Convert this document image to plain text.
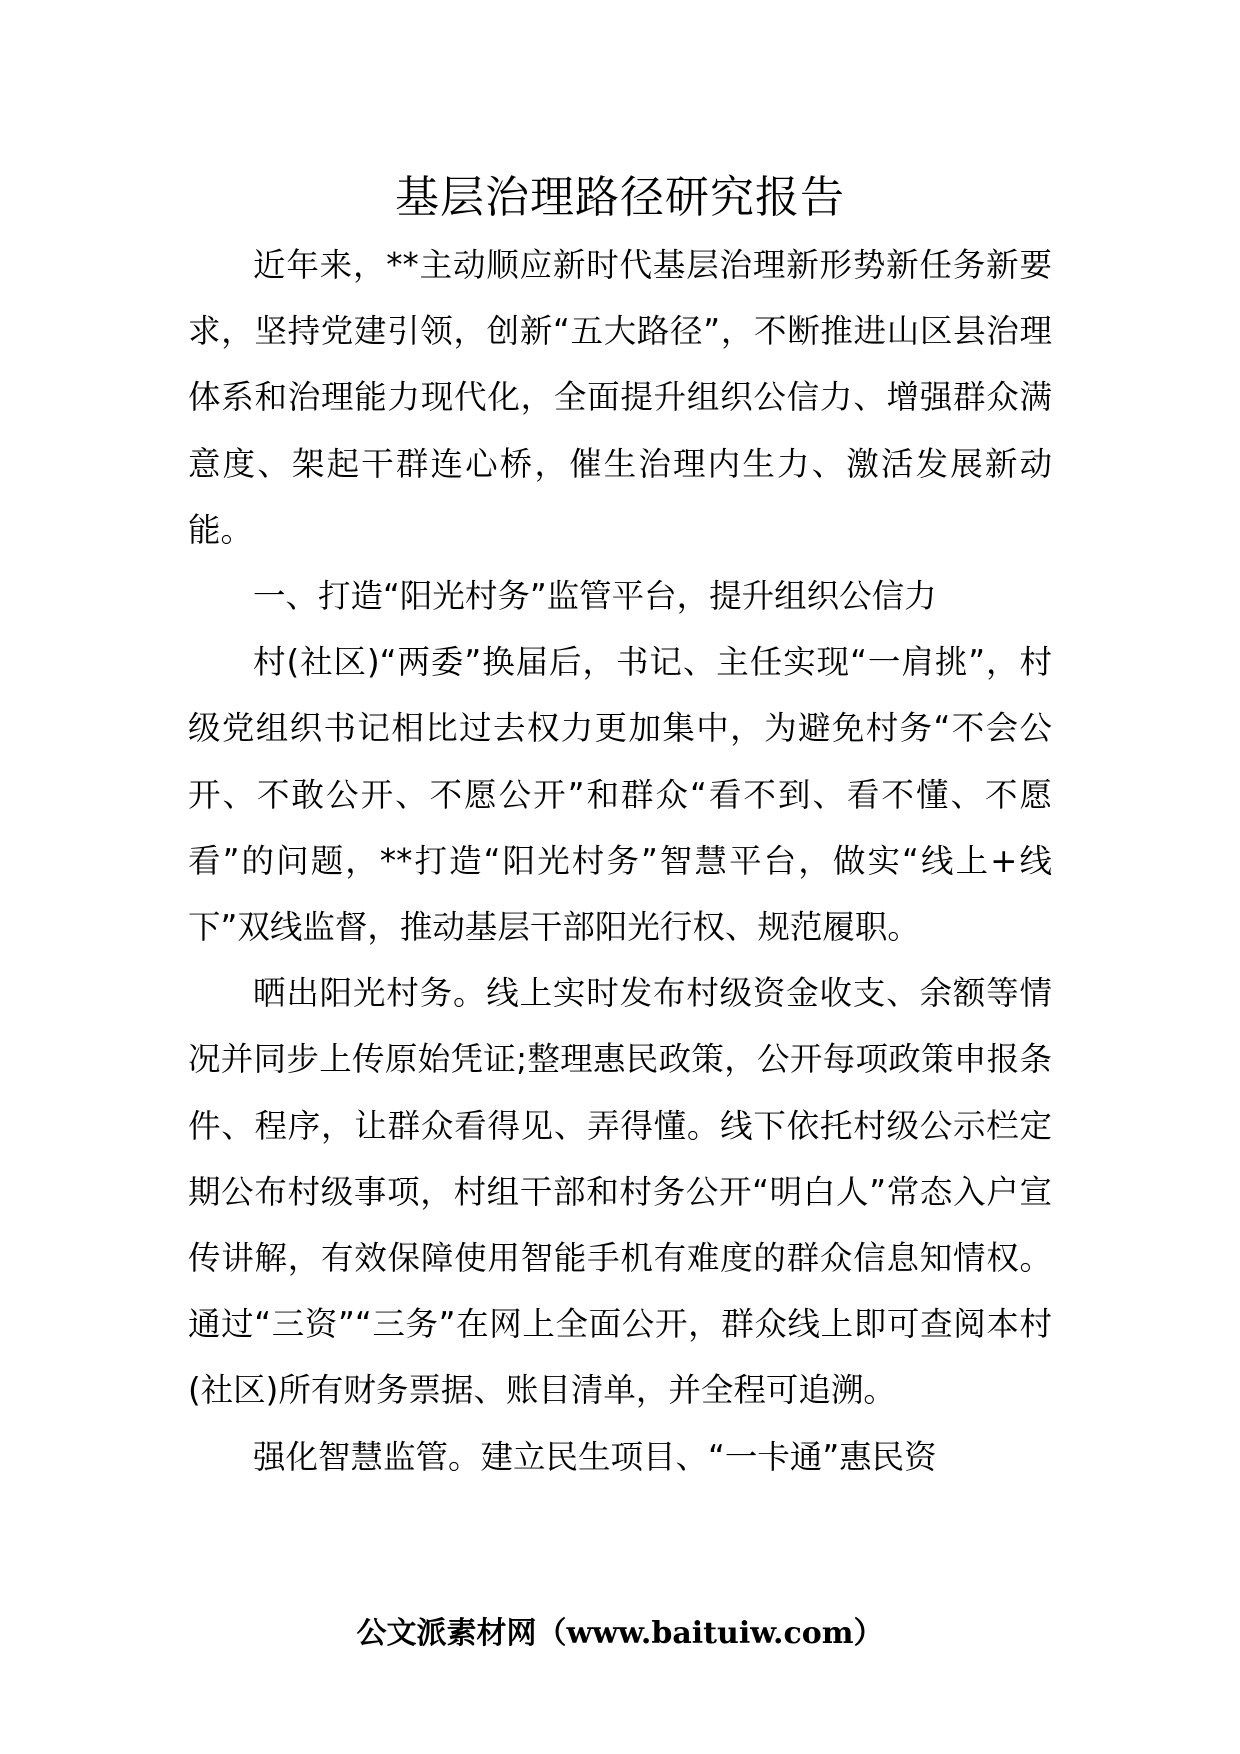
基层治理路径研究报告

近年来，**主动顺应新时代基层治理新形势新任务新要求，坚持党建引领，创新“五大路径”，不断推进山区县治理体系和治理能力现代化，全面提升组织公信力、增强群众满意度、架起干群连心桥，催生治理内生力、激活发展新动能。

一、打造“阳光村务”监管平台，提升组织公信力

村(社区)“两委”换届后，书记、主任实现“一肩挑”，村级党组织书记相比过去权力更加集中，为避免村务“不会公开、不敢公开、不愿公开”和群众“看不到、看不懂、不愿看”的问题，**打造“阳光村务”智慧平台，做实“线上+线下”双线监督，推动基层干部阳光行权、规范履职。

晒出阳光村务。线上实时发布村级资金收支、余额等情况并同步上传原始凭证;整理惠民政策，公开每项政策申报条件、程序，让群众看得见、弄得懂。线下依托村级公示栏定期公布村级事项，村组干部和村务公开“明白人”常态入户宣传讲解，有效保障使用智能手机有难度的群众信息知情权。通过“三资”“三务”在网上全面公开，群众线上即可查阅本村(社区)所有财务票据、账目清单，并全程可追溯。

强化智慧监管。建立民生项目、“一卡通”惠民资

公文派素材网（www.baituiw.com）
